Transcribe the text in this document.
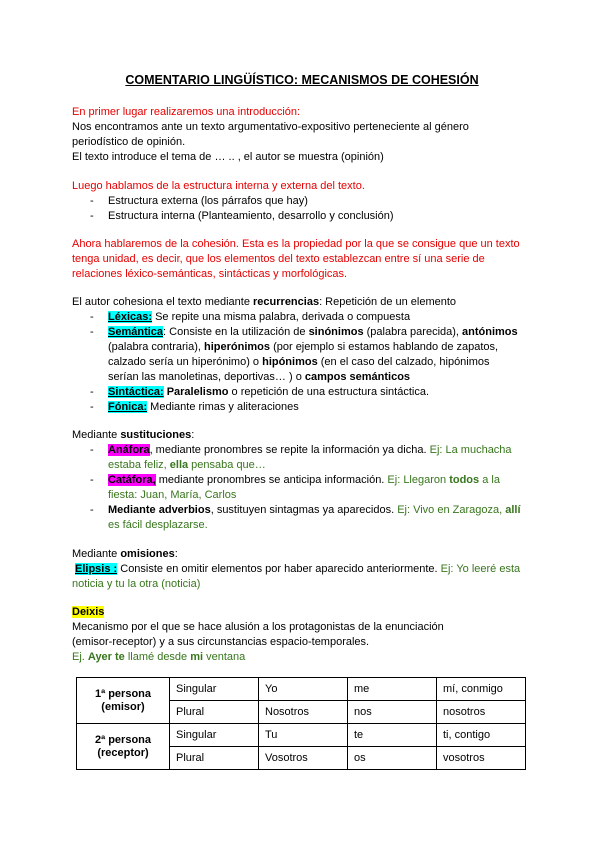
COMENTARIO LINGÜÍSTICO: MECANISMOS DE COHESIÓN
En primer lugar realizaremos una introducción:
Nos encontramos ante un texto argumentativo-expositivo perteneciente al género
periodístico de opinión.
El texto introduce el tema de … .. , el autor se muestra (opinión)
Luego hablamos de la estructura interna y externa del texto.
- Estructura externa (los párrafos que hay)
- Estructura interna (Planteamiento, desarrollo y conclusión)
Ahora hablaremos de la cohesión. Esta es la propiedad por la que se consigue que un texto
tenga unidad, es decir, que los elementos del texto establezcan entre sí una serie de
relaciones léxico-semánticas, sintácticas y morfológicas.
El autor cohesiona el texto mediante recurrencias: Repetición de un elemento
- Léxicas: Se repite una misma palabra, derivada o compuesta
- Semántica: Consiste en la utilización de sinónimos (palabra parecida), antónimos
(palabra contraria), hiperónimos (por ejemplo si estamos hablando de zapatos,
calzado sería un hiperónimo) o hipónimos (en el caso del calzado, hipónimos
serían las manoletinas, deportivas… ) o campos semánticos
- Sintáctica: Paralelismo o repetición de una estructura sintáctica.
- Fónica: Mediante rimas y aliteraciones
Mediante sustituciones:
- Anáfora, mediante pronombres se repite la información ya dicha. Ej: La muchacha
estaba feliz, ella pensaba que…
- Catáfora, mediante pronombres se anticipa información. Ej: Llegaron todos a la
fiesta: Juan, María, Carlos
- Mediante adverbios, sustituyen sintagmas ya aparecidos. Ej: Vivo en Zaragoza, allí
es fácil desplazarse.
Mediante omisiones:
Elipsis : Consiste en omitir elementos por haber aparecido anteriormente. Ej: Yo leeré esta
noticia y tu la otra (noticia)
Deixis
Mecanismo por el que se hace alusión a los protagonistas de la enunciación
(emisor-receptor) y a sus circunstancias espacio-temporales.
Ej. Ayer te llamé desde mi ventana
1ª persona
(emisor)	Singular	Yo	me	mí, conmigo
	Plural	Nosotros	nos	nosotros

2ª persona
(receptor)	Singular	Tu	te	ti, contigo
	Plural	Vosotros	os	vosotros
